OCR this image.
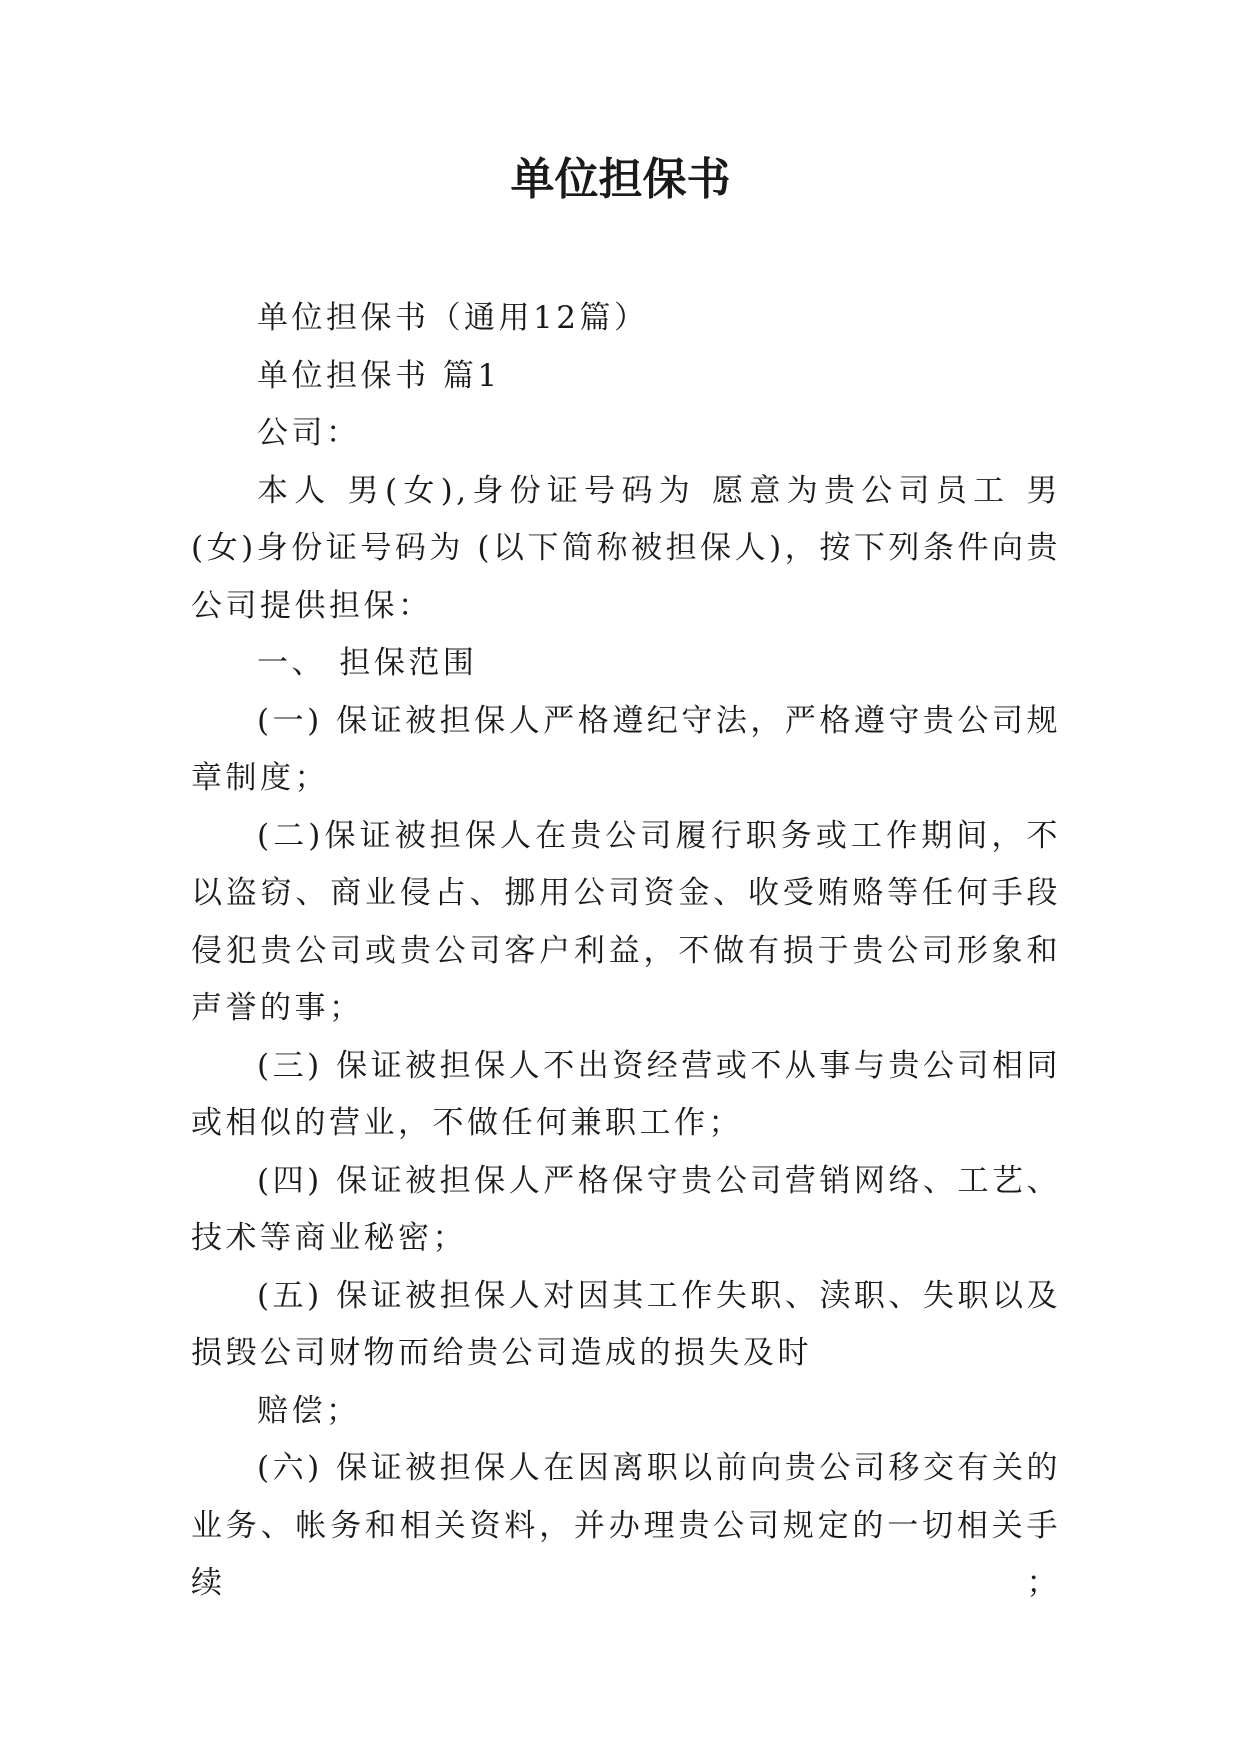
单位担保书

单位担保书（通用12篇）

单位担保书 篇1

公司：

本人 男(女),身份证号码为 愿意为贵公司员工 男(女)身份证号码为 (以下简称被担保人)，按下列条件向贵公司提供担保：

一、 担保范围

(一) 保证被担保人严格遵纪守法，严格遵守贵公司规章制度；

(二)保证被担保人在贵公司履行职务或工作期间，不以盗窃、商业侵占、挪用公司资金、收受贿赂等任何手段侵犯贵公司或贵公司客户利益，不做有损于贵公司形象和声誉的事；

(三) 保证被担保人不出资经营或不从事与贵公司相同或相似的营业，不做任何兼职工作；

(四) 保证被担保人严格保守贵公司营销网络、工艺、技术等商业秘密；

(五) 保证被担保人对因其工作失职、渎职、失职以及损毁公司财物而给贵公司造成的损失及时

赔偿；

(六) 保证被担保人在因离职以前向贵公司移交有关的业务、帐务和相关资料，并办理贵公司规定的一切相关手续；
